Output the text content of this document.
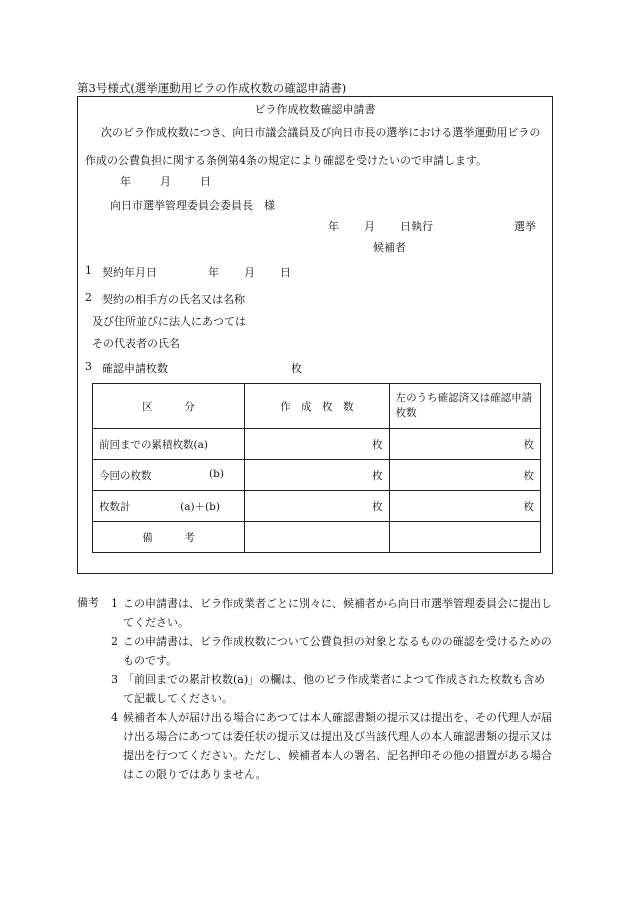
第3号様式(選挙運動用ビラの作成枚数の確認申請書)
ビラ作成枚数確認申請書
次のビラ作成枚数につき、向日市議会議員及び向日市長の選挙における選挙運動用ビラの作成の公費負担に関する条例第4条の規定により確認を受けたいので申請します。
年	月	日
向日市選挙管理委員会委員長　様
年 月 日執行	選挙
候補者
1 契約年月日	年 月 日
2 契約の相手方の氏名又は名称
及び住所並びに法人にあつては
その代表者の氏名
3 確認申請枚数	枚
区　　　分	作　成　枚　数	左のうち確認済又は確認申請枚数
前回までの累積枚数(a)	枚	枚
今回の枚数 (b)	枚	枚
枚数計 (a)＋(b)	枚	枚
備　　　考		
備考 1 この申請書は、ビラ作成業者ごとに別々に、候補者から向日市選挙管理委員会に提出してください。
2 この申請書は、ビラ作成枚数について公費負担の対象となるものの確認を受けるためのものです。
3 「前回までの累計枚数(a)」の欄は、他のビラ作成業者によつて作成された枚数も含めて記載してください。
4 候補者本人が届け出る場合にあつては本人確認書類の提示又は提出を、その代理人が届け出る場合にあつては委任状の提示又は提出及び当該代理人の本人確認書類の提示又は提出を行つてください。ただし、候補者本人の署名、記名押印その他の措置がある場合はこの限りではありません。
